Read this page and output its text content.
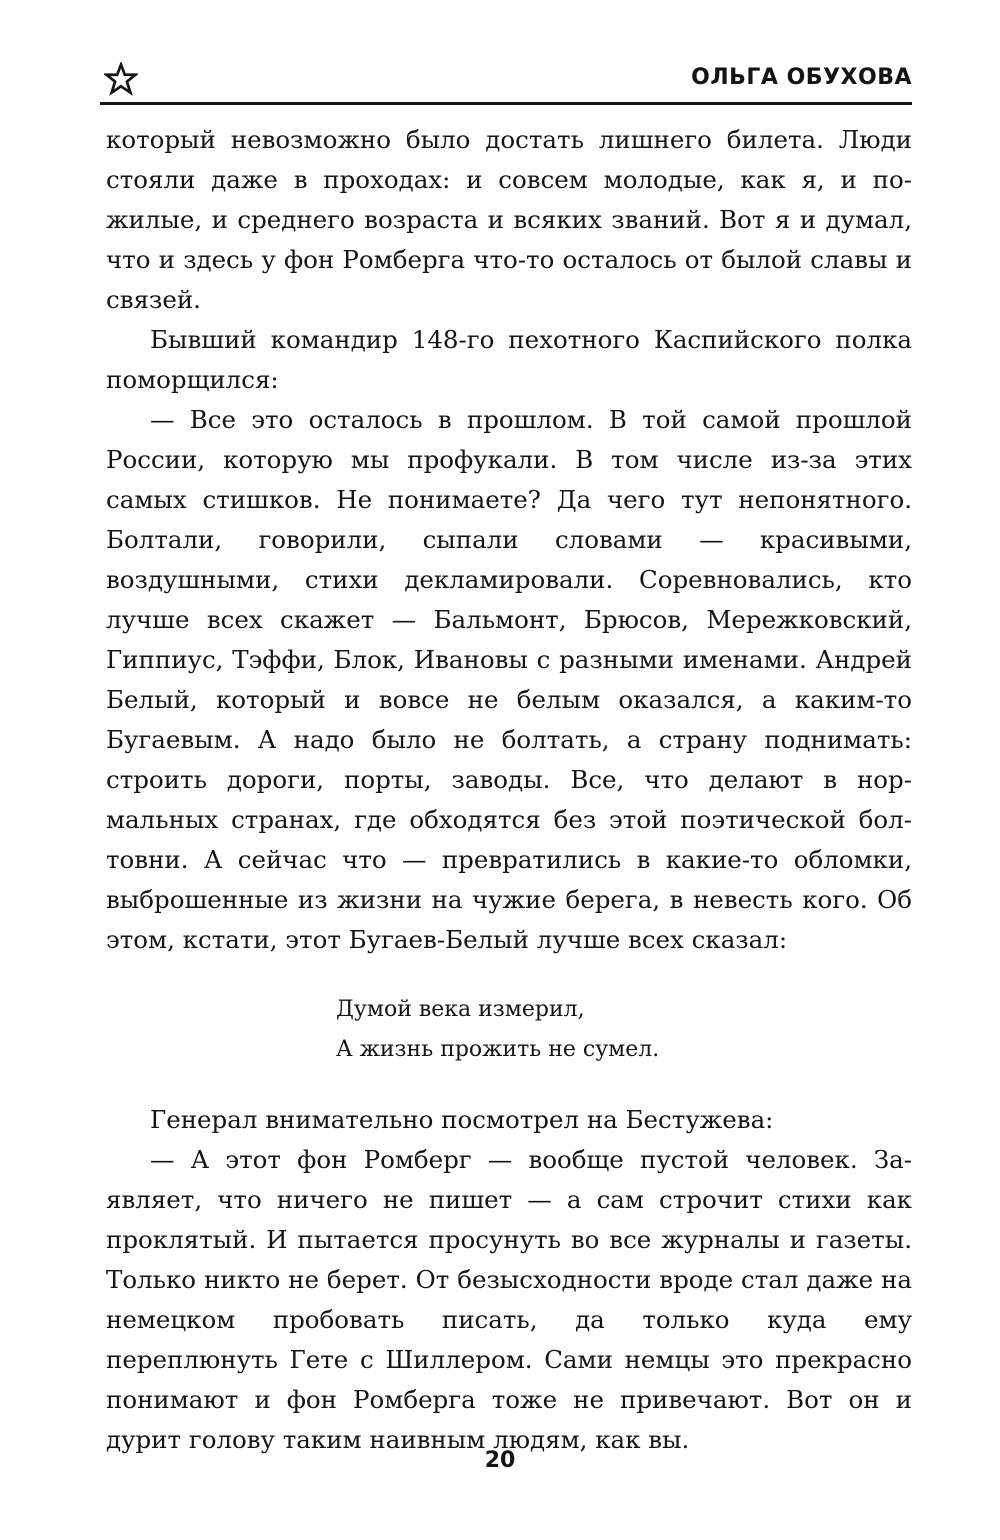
ОЛЬГА ОБУХОВА

который невозможно было достать лишнего билета. Люди стояли даже в проходах: и совсем молодые, как я, и пожилые, и среднего возраста и всяких званий. Вот я и думал, что и здесь у фон Ромберга что-то осталось от былой славы и связей.

Бывший командир 148-го пехотного Каспийского полка поморщился:

— Все это осталось в прошлом. В той самой прошлой России, которую мы профукали. В том числе из-за этих самых стишков. Не понимаете? Да чего тут непонятного. Болтали, говорили, сыпали словами — красивыми, воздушными, стихи декламировали. Соревновались, кто лучше всех скажет — Бальмонт, Брюсов, Мережковский, Гиппиус, Тэффи, Блок, Ивановы с разными именами. Андрей Белый, который и вовсе не белым оказался, а каким-то Бугаевым. А надо было не болтать, а страну поднимать: строить дороги, порты, заводы. Все, что делают в нормальных странах, где обходятся без этой поэтической болтовни. А сейчас что — превратились в какие-то обломки, выброшенные из жизни на чужие берега, в невесть кого. Об этом, кстати, этот Бугаев-Белый лучше всех сказал:

Думой века измерил,
А жизнь прожить не сумел.

Генерал внимательно посмотрел на Бестужева:

— А этот фон Ромберг — вообще пустой человек. Заявляет, что ничего не пишет — а сам строчит стихи как проклятый. И пытается просунуть во все журналы и газеты. Только никто не берет. От безысходности вроде стал даже на немецком пробовать писать, да только куда ему переплюнуть Гете с Шиллером. Сами немцы это прекрасно понимают и фон Ромберга тоже не привечают. Вот он и дурит голову таким наивным людям, как вы.

20
